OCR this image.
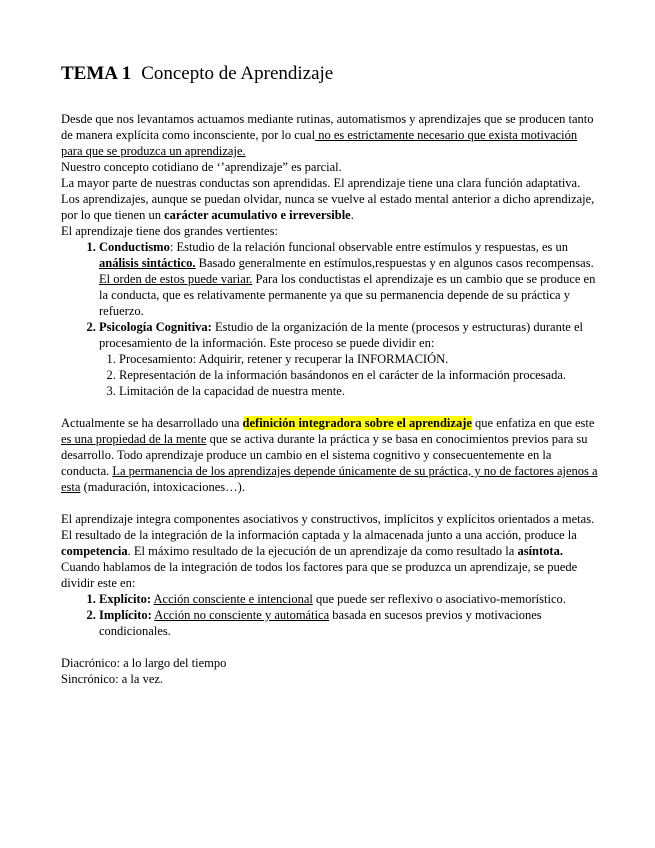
TEMA 1 Concepto de Aprendizaje

Desde que nos levantamos actuamos mediante rutinas, automatismos y aprendizajes que se producen tanto de manera explícita como inconsciente, por lo cual no es estrictamente necesario que exista motivación para que se produzca un aprendizaje.

Nuestro concepto cotidiano de ‘’aprendizaje” es parcial.

La mayor parte de nuestras conductas son aprendidas. El aprendizaje tiene una clara función adaptativa.

Los aprendizajes, aunque se puedan olvidar, nunca se vuelve al estado mental anterior a dicho aprendizaje, por lo que tienen un carácter acumulativo e irreversible.

El aprendizaje tiene dos grandes vertientes:

1. Conductismo: Estudio de la relación funcional observable entre estímulos y respuestas, es un análisis sintáctico. Basado generalmente en estímulos,respuestas y en algunos casos recompensas. El orden de estos puede variar. Para los conductistas el aprendizaje es un cambio que se produce en la conducta, que es relativamente permanente ya que su permanencia depende de su práctica y refuerzo.
2. Psicología Cognitiva: Estudio de la organización de la mente (procesos y estructuras) durante el procesamiento de la información. Este proceso se puede dividir en:
1. Procesamiento: Adquirir, retener y recuperar la INFORMACIÓN.
2. Representación de la información basándonos en el carácter de la información procesada.
3. Limitación de la capacidad de nuestra mente.

Actualmente se ha desarrollado una definición integradora sobre el aprendizaje que enfatiza en que este es una propiedad de la mente que se activa durante la práctica y se basa en conocimientos previos para su desarrollo. Todo aprendizaje produce un cambio en el sistema cognitivo y consecuentemente en la conducta. La permanencia de los aprendizajes depende únicamente de su práctica, y no de factores ajenos a esta (maduración, intoxicaciones…).

El aprendizaje integra componentes asociativos y constructivos, implícitos y explícitos orientados a metas.

El resultado de la integración de la información captada y la almacenada junto a una acción, produce la competencia. El máximo resultado de la ejecución de un aprendizaje da como resultado la asíntota. Cuando hablamos de la integración de todos los factores para que se produzca un aprendizaje, se puede dividir este en:

1. Explícito: Acción consciente e intencional que puede ser reflexivo o asociativo-memorístico.
2. Implícito: Acción no consciente y automática basada en sucesos previos y motivaciones condicionales.

Diacrónico: a lo largo del tiempo

Sincrónico: a la vez.
